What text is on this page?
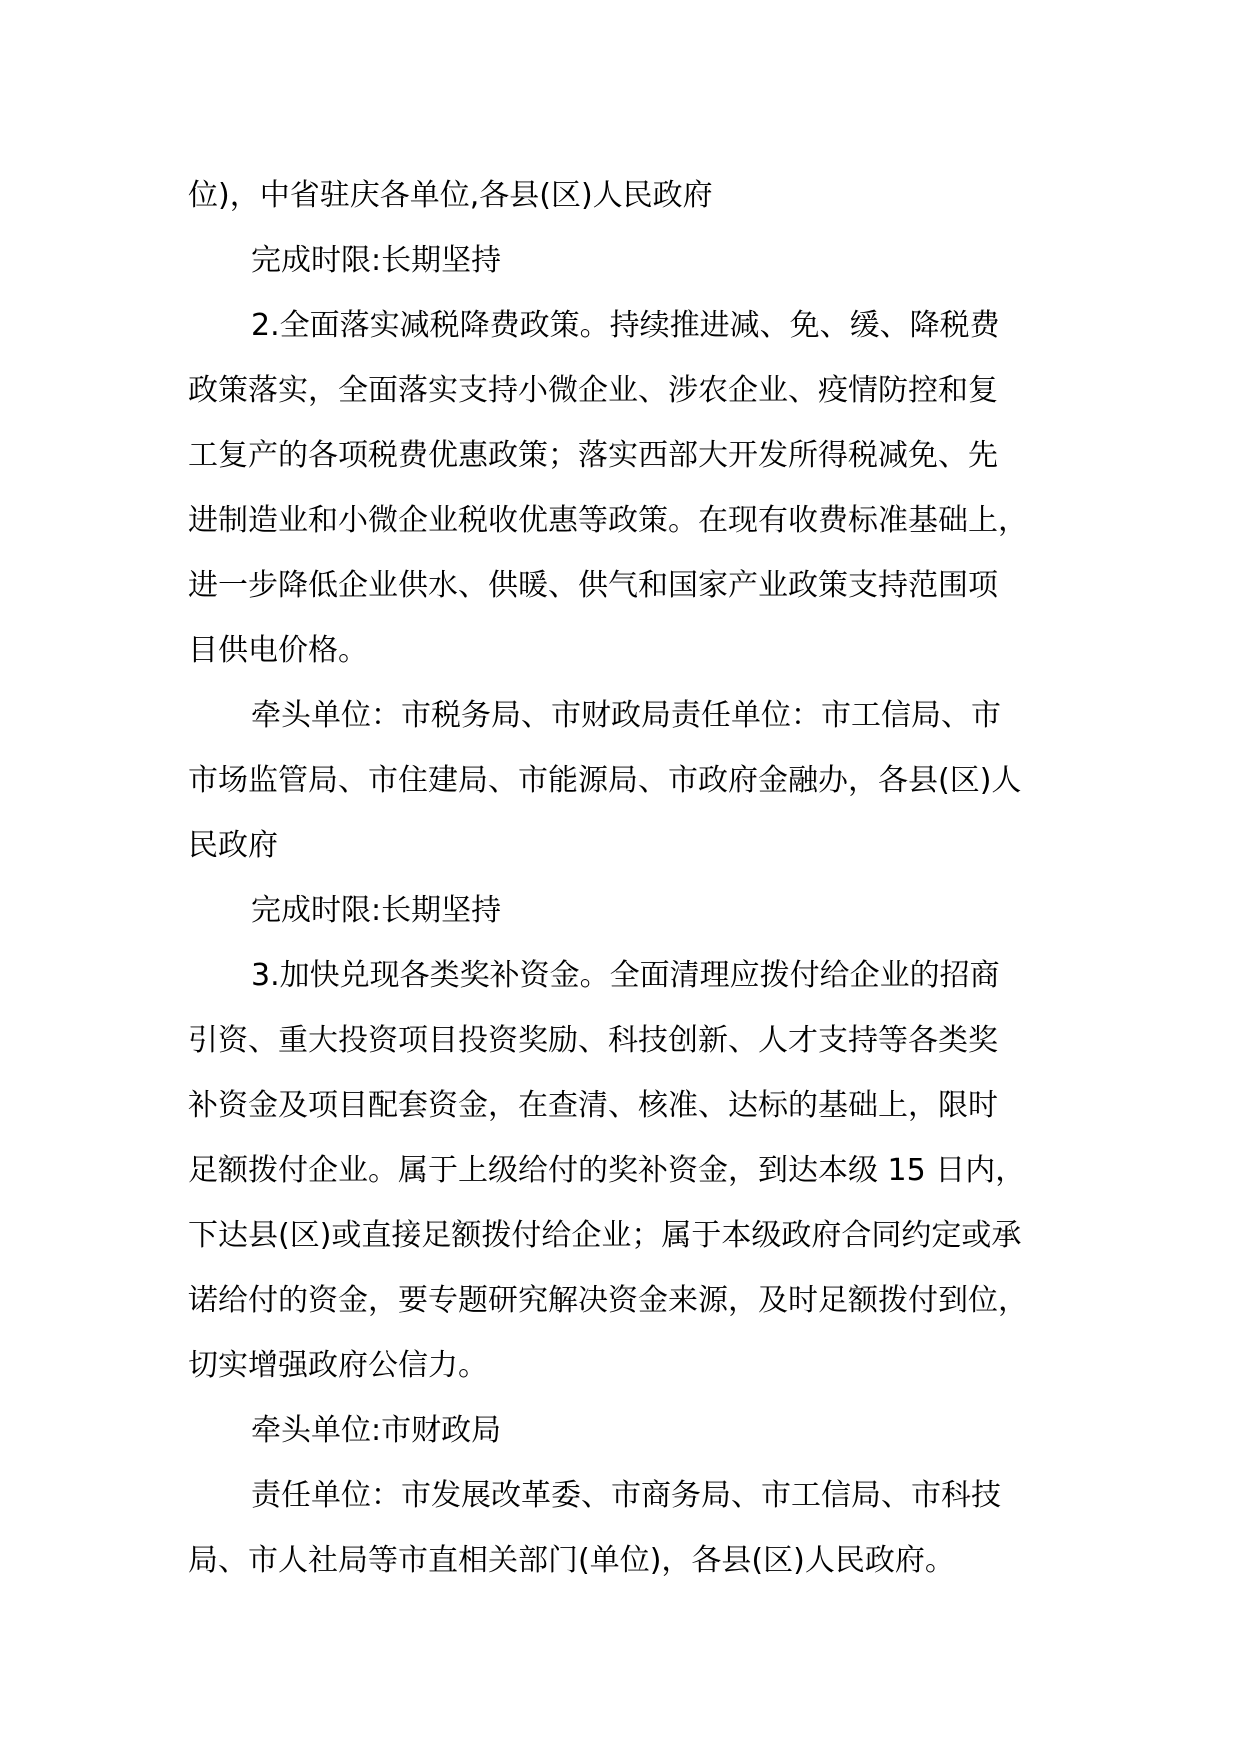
位)，中省驻庆各单位,各县(区)人民政府
完成时限:长期坚持
2.全面落实减税降费政策。持续推进减、免、缓、降税费
政策落实，全面落实支持小微企业、涉农企业、疫情防控和复
工复产的各项税费优惠政策；落实西部大开发所得税减免、先
进制造业和小微企业税收优惠等政策。在现有收费标准基础上，
进一步降低企业供水、供暖、供气和国家产业政策支持范围项
目供电价格。
牵头单位：市税务局、市财政局责任单位：市工信局、市
市场监管局、市住建局、市能源局、市政府金融办，各县(区)人
民政府
完成时限:长期坚持
3.加快兑现各类奖补资金。全面清理应拨付给企业的招商
引资、重大投资项目投资奖励、科技创新、人才支持等各类奖
补资金及项目配套资金，在查清、核准、达标的基础上，限时
足额拨付企业。属于上级给付的奖补资金，到达本级 15 日内，
下达县(区)或直接足额拨付给企业；属于本级政府合同约定或承
诺给付的资金，要专题研究解决资金来源，及时足额拨付到位，
切实增强政府公信力。
牵头单位:市财政局
责任单位：市发展改革委、市商务局、市工信局、市科技
局、市人社局等市直相关部门(单位)，各县(区)人民政府。
